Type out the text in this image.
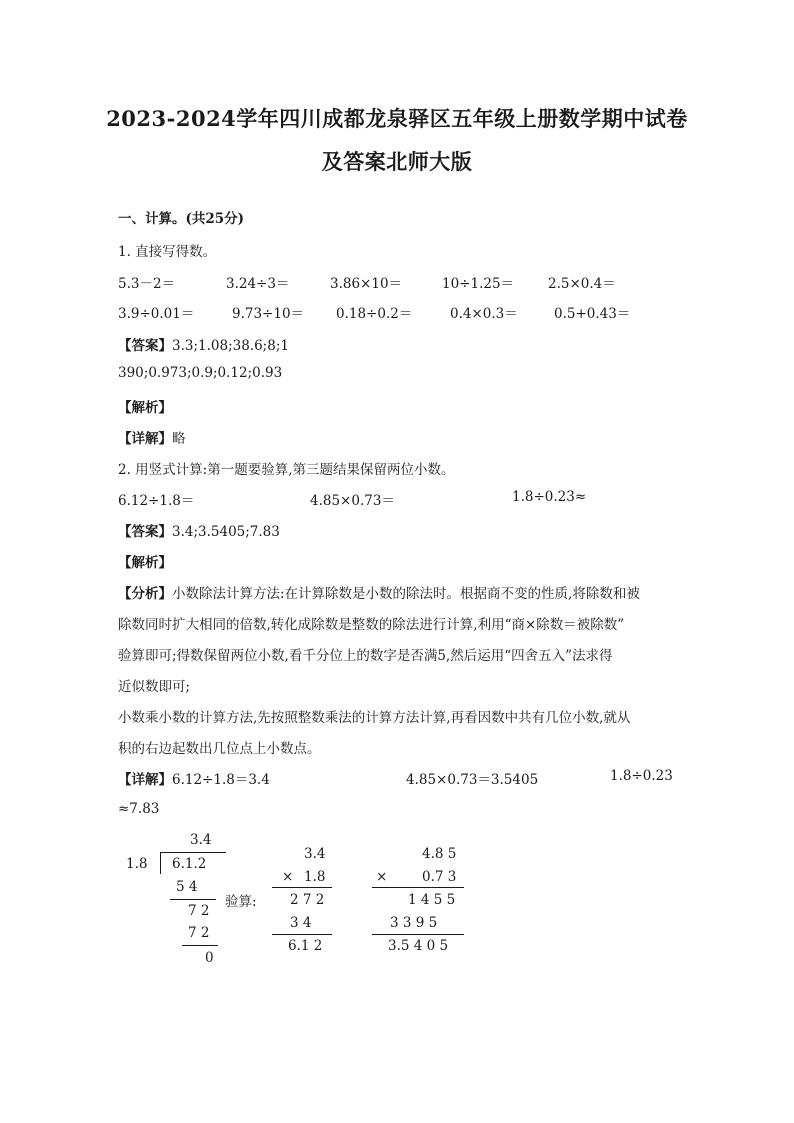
2023-2024学年四川成都龙泉驿区五年级上册数学期中试卷
及答案北师大版
一、计算。(共25分)
1. 直接写得数。
5.3－2＝	3.24÷3＝	3.86×10＝	10÷1.25＝	2.5×0.4＝
3.9÷0.01＝	9.73÷10＝ 0.18÷0.2＝	0.4×0.3＝	0.5+0.43＝
【答案】3.3;1.08;38.6;8;1
390;0.973;0.9;0.12;0.93
【解析】
【详解】略
2. 用竖式计算:第一题要验算,第三题结果保留两位小数。
6.12÷1.8＝	4.85×0.73＝	1.8÷0.23≈
【答案】3.4;3.5405;7.83
【解析】
【分析】小数除法计算方法:在计算除数是小数的除法时。根据商不变的性质,将除数和被
除数同时扩大相同的倍数,转化成除数是整数的除法进行计算,利用“商×除数＝被除数”
验算即可;得数保留两位小数,看千分位上的数字是否满5,然后运用“四舍五入”法求得
近似数即可;
小数乘小数的计算方法,先按照整数乘法的计算方法计算,再看因数中共有几位小数,就从
积的右边起数出几位点上小数点。
【详解】6.12÷1.8＝3.4	4.85×0.73＝3.5405	1.8÷0.23
≈7.83
3.4
1.8 6.1.2
5 4
7 2
7 2
0
验算:
3.4
× 1.8
2 7 2
3 4
6.1 2
4.8 5
×	0.7 3
1 4 5 5
3 3 9 5
3.5 4 0 5
